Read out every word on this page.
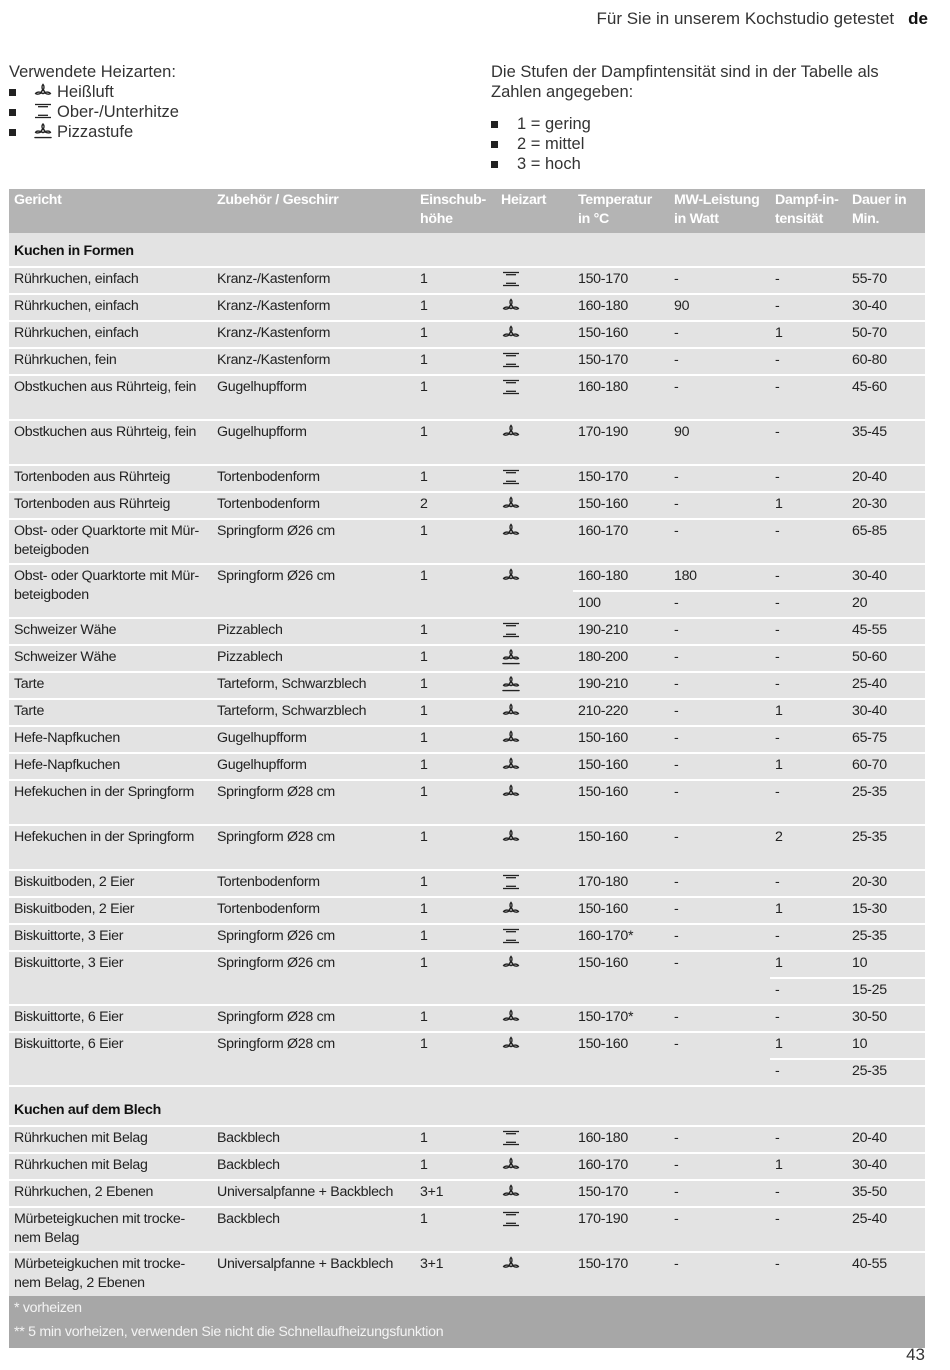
Für Sie in unserem Kochstudio getestet de
Verwendete Heizarten:
Heißluft
Ober-/Unterhitze
Pizzastufe
Die Stufen der Dampfintensität sind in der Tabelle als Zahlen angegeben:
1 = gering
2 = mittel
3 = hoch
Gericht	Zubehör / Geschirr	Einschub-höhe	Heizart	Temperatur in °C	MW-Leistung in Watt	Dampf-in-tensität	Dauer in Min.
Kuchen in Formen							
Rührkuchen, einfach	Kranz-/Kastenform	1		150-170	-	-	55-70
Rührkuchen, einfach	Kranz-/Kastenform	1		160-180	90	-	30-40
Rührkuchen, einfach	Kranz-/Kastenform	1		150-160	-	1	50-70
Rührkuchen, fein	Kranz-/Kastenform	1		150-170	-	-	60-80
Obstkuchen aus Rührteig, fein	Gugelhupfform	1		160-180	-	-	45-60
Obstkuchen aus Rührteig, fein	Gugelhupfform	1		170-190	90	-	35-45
Tortenboden aus Rührteig	Tortenbodenform	1		150-170	-	-	20-40
Tortenboden aus Rührteig	Tortenbodenform	2		150-160	-	1	20-30
Obst- oder Quarktorte mit Mür-beteigboden	Springform Ø26 cm	1		160-170	-	-	65-85
Obst- oder Quarktorte mit Mür-beteigboden	Springform Ø26 cm	1		160-180	180	-	30-40
				100	-	-	20
Schweizer Wähe	Pizzablech	1		190-210	-	-	45-55
Schweizer Wähe	Pizzablech	1		180-200	-	-	50-60
Tarte	Tarteform, Schwarzblech	1		190-210	-	-	25-40
Tarte	Tarteform, Schwarzblech	1		210-220	-	1	30-40
Hefe-Napfkuchen	Gugelhupfform	1		150-160	-	-	65-75
Hefe-Napfkuchen	Gugelhupfform	1		150-160	-	1	60-70
Hefekuchen in der Springform	Springform Ø28 cm	1		150-160	-	-	25-35
Hefekuchen in der Springform	Springform Ø28 cm	1		150-160	-	2	25-35
Biskuitboden, 2 Eier	Tortenbodenform	1		170-180	-	-	20-30
Biskuitboden, 2 Eier	Tortenbodenform	1		150-160	-	1	15-30
Biskuittorte, 3 Eier	Springform Ø26 cm	1		160-170*	-	-	25-35
Biskuittorte, 3 Eier	Springform Ø26 cm	1		150-160	-	1	10
						-	15-25
Biskuittorte, 6 Eier	Springform Ø28 cm	1		150-170*	-	-	30-50
Biskuittorte, 6 Eier	Springform Ø28 cm	1		150-160	-	1	10
						-	25-35
Kuchen auf dem Blech							
Rührkuchen mit Belag	Backblech	1		160-180	-	-	20-40
Rührkuchen mit Belag	Backblech	1		160-170	-	1	30-40
Rührkuchen, 2 Ebenen	Universalpfanne + Backblech	3+1		150-170	-	-	35-50
Mürbeteigkuchen mit trocke-nem Belag	Backblech	1		170-190	-	-	25-40
Mürbeteigkuchen mit trocke-nem Belag, 2 Ebenen	Universalpfanne + Backblech	3+1		150-170	-	-	40-55
* vorheizen							
** 5 min vorheizen, verwenden Sie nicht die Schnellaufheizungsfunktion							
43
